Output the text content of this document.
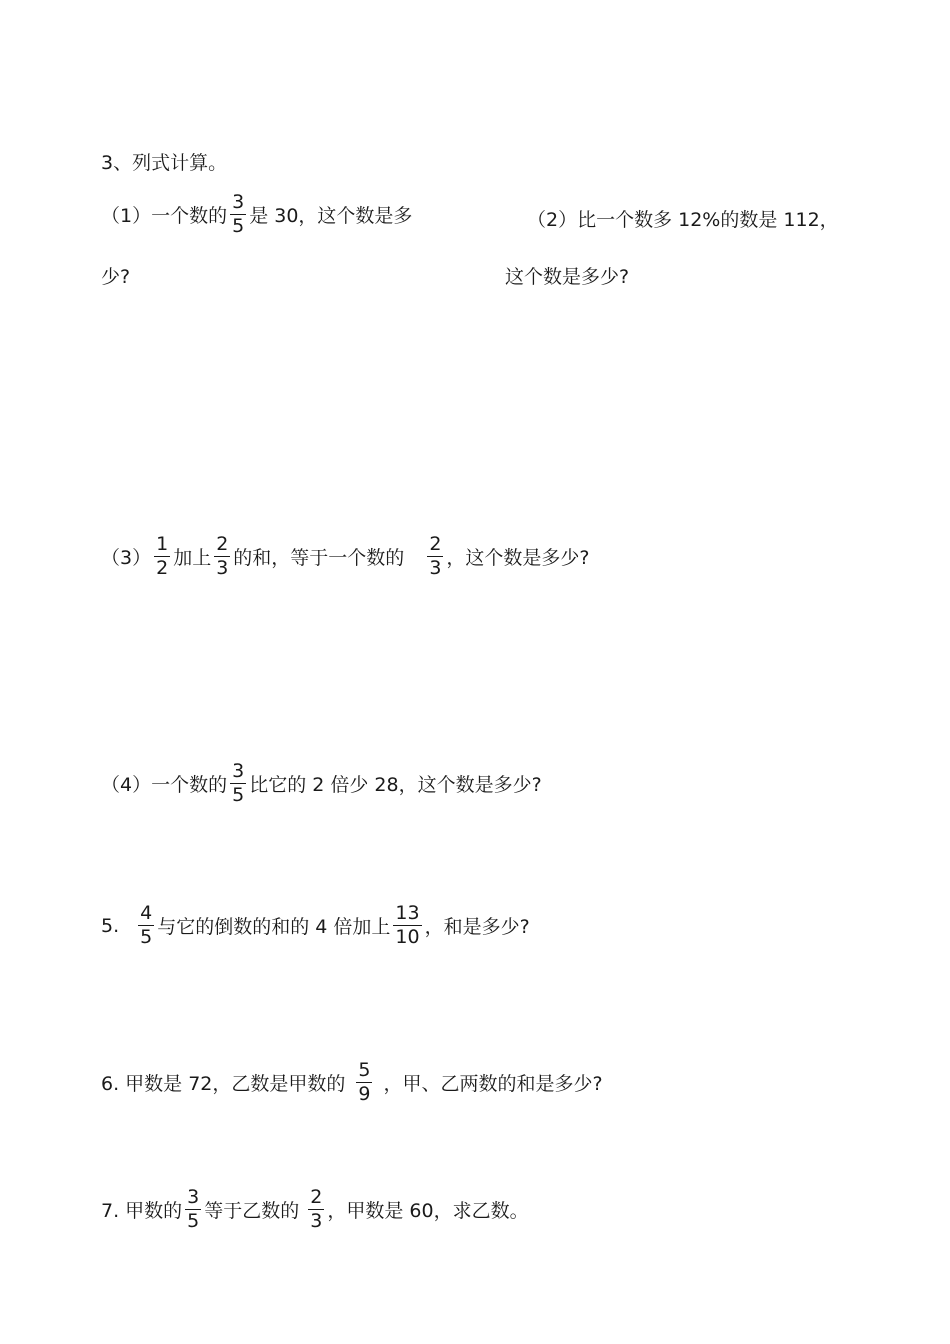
3、列式计算。
（1）一个数的 $\frac{3}{5}$ 是 30，这个数是多
少?
（2）比一个数多 12%的数是 112，
这个数是多少?
$(3) \frac{1}{2}$ 加上 $\frac{2}{3}$ 的和，等于一个数的 $\frac{2}{3}$ ，这个数是多少?
（4）一个数的 $\frac{3}{5}$ 比它的 2 倍少 28，这个数是多少?
5. $\frac{4}{5}$ 与它的倒数的和的 4 倍加上 $\frac{13}{10}$ ，和是多少?
6. 甲数是 72，乙数是甲数的 $\frac{5}{9}$ ，甲、乙两数的和是多少?
7. 甲数的 $\frac{3}{5}$ 等于乙数的 $\frac{2}{3}$ ，甲数是 60，求乙数。
